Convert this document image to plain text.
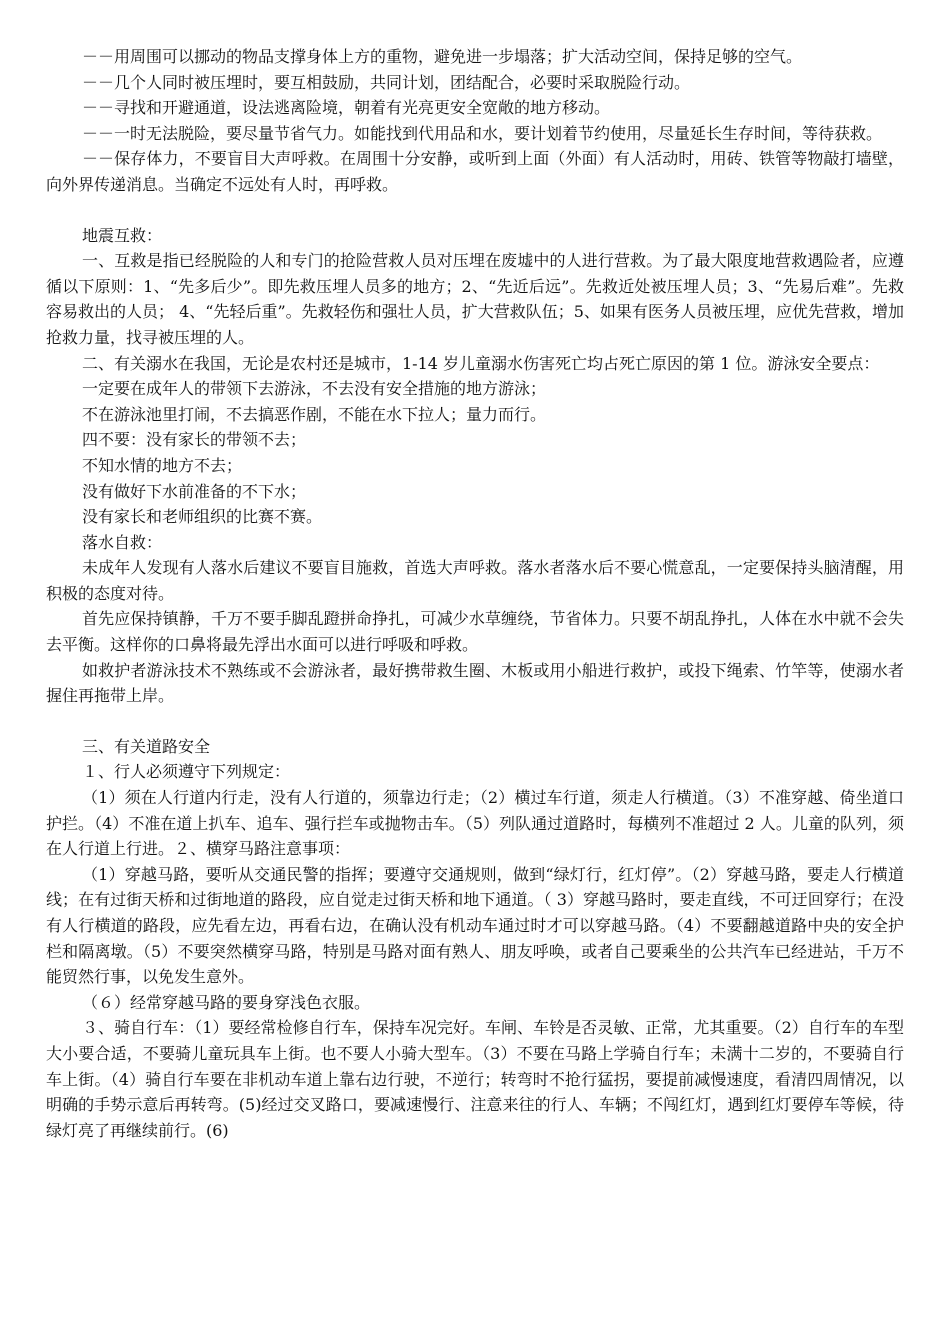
－－用周围可以挪动的物品支撑身体上方的重物，避免进一步塌落；扩大活动空间，保持足够的空气。

－－几个人同时被压埋时，要互相鼓励，共同计划，团结配合，必要时采取脱险行动。

－－寻找和开避通道，设法逃离险境，朝着有光亮更安全宽敞的地方移动。

－－一时无法脱险，要尽量节省气力。如能找到代用品和水，要计划着节约使用，尽量延长生存时间，等待获救。

－－保存体力，不要盲目大声呼救。在周围十分安静，或听到上面（外面）有人活动时，用砖、铁管等物敲打墙壁，向外界传递消息。当确定不远处有人时，再呼救。

地震互救：

一、互救是指已经脱险的人和专门的抢险营救人员对压埋在废墟中的人进行营救。为了最大限度地营救遇险者，应遵循以下原则：1、“先多后少”。即先救压埋人员多的地方；2、“先近后远”。先救近处被压埋人员；3、“先易后难”。先救容易救出的人员； 4、“先轻后重”。先救轻伤和强壮人员，扩大营救队伍；5、如果有医务人员被压埋，应优先营救，增加抢救力量，找寻被压埋的人。

二、有关溺水在我国，无论是农村还是城市，1-14 岁儿童溺水伤害死亡均占死亡原因的第 1 位。游泳安全要点：

一定要在成年人的带领下去游泳，不去没有安全措施的地方游泳；

不在游泳池里打闹，不去搞恶作剧，不能在水下拉人；量力而行。

四不要：没有家长的带领不去；

不知水情的地方不去；

没有做好下水前准备的不下水；

没有家长和老师组织的比赛不赛。

落水自救：

未成年人发现有人落水后建议不要盲目施救，首选大声呼救。落水者落水后不要心慌意乱，一定要保持头脑清醒，用积极的态度对待。

首先应保持镇静，千万不要手脚乱蹬拼命挣扎，可减少水草缠绕，节省体力。只要不胡乱挣扎，人体在水中就不会失去平衡。这样你的口鼻将最先浮出水面可以进行呼吸和呼救。

如救护者游泳技术不熟练或不会游泳者，最好携带救生圈、木板或用小船进行救护，或投下绳索、竹竿等，使溺水者握住再拖带上岸。

三、有关道路安全

１、行人必须遵守下列规定：

（1）须在人行道内行走，没有人行道的，须靠边行走；（2）横过车行道，须走人行横道。（3）不准穿越、倚坐道口护拦。（4）不准在道上扒车、追车、强行拦车或抛物击车。（5）列队通过道路时，每横列不准超过 2 人。儿童的队列，须在人行道上行进。２、横穿马路注意事项：

（1）穿越马路，要听从交通民警的指挥；要遵守交通规则，做到“绿灯行，红灯停”。（2）穿越马路，要走人行横道线；在有过街天桥和过街地道的路段，应自觉走过街天桥和地下通道。（ 3）穿越马路时，要走直线，不可迂回穿行；在没有人行横道的路段，应先看左边，再看右边，在确认没有机动车通过时才可以穿越马路。（4）不要翻越道路中央的安全护栏和隔离墩。（5）不要突然横穿马路，特别是马路对面有熟人、朋友呼唤，或者自己要乘坐的公共汽车已经进站，千万不能贸然行事，以免发生意外。

（６）经常穿越马路的要身穿浅色衣服。

３、骑自行车：（1）要经常检修自行车，保持车况完好。车闸、车铃是否灵敏、正常，尤其重要。（2）自行车的车型大小要合适，不要骑儿童玩具车上街。也不要人小骑大型车。（3）不要在马路上学骑自行车；未满十二岁的，不要骑自行车上街。（4）骑自行车要在非机动车道上靠右边行驶，不逆行；转弯时不抢行猛拐，要提前减慢速度，看清四周情况，以明确的手势示意后再转弯。(5)经过交叉路口，要减速慢行、注意来往的行人、车辆；不闯红灯，遇到红灯要停车等候，待绿灯亮了再继续前行。(6)
